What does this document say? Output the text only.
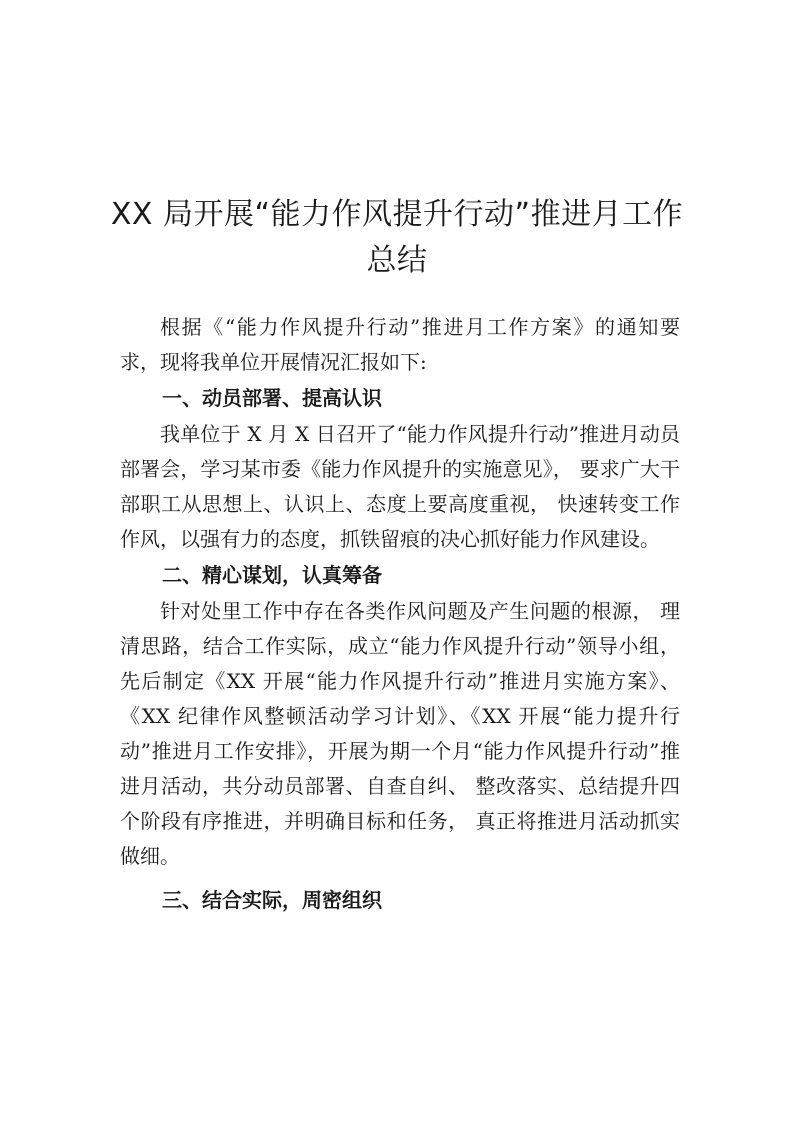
XX 局开展“能力作风提升行动”推进月工作
总结

根据《“能力作风提升行动”推进月工作方案》的通知要求，现将我单位开展情况汇报如下:

一、动员部署、提高认识

我单位于 X 月 X 日召开了“能力作风提升行动”推进月动员部署会，学习某市委《能力作风提升的实施意见》， 要求广大干部职工从思想上、认识上、态度上要高度重视， 快速转变工作作风，以强有力的态度，抓铁留痕的决心抓好能力作风建设。

二、精心谋划，认真筹备

针对处里工作中存在各类作风问题及产生问题的根源， 理清思路，结合工作实际，成立“能力作风提升行动”领导小组，先后制定《XX 开展“能力作风提升行动”推进月实施方案》、《XX 纪律作风整顿活动学习计划》、《XX 开展“能力提升行动”推进月工作安排》，开展为期一个月“能力作风提升行动”推进月活动，共分动员部署、自查自纠、 整改落实、总结提升四个阶段有序推进，并明确目标和任务， 真正将推进月活动抓实做细。

三、结合实际，周密组织
